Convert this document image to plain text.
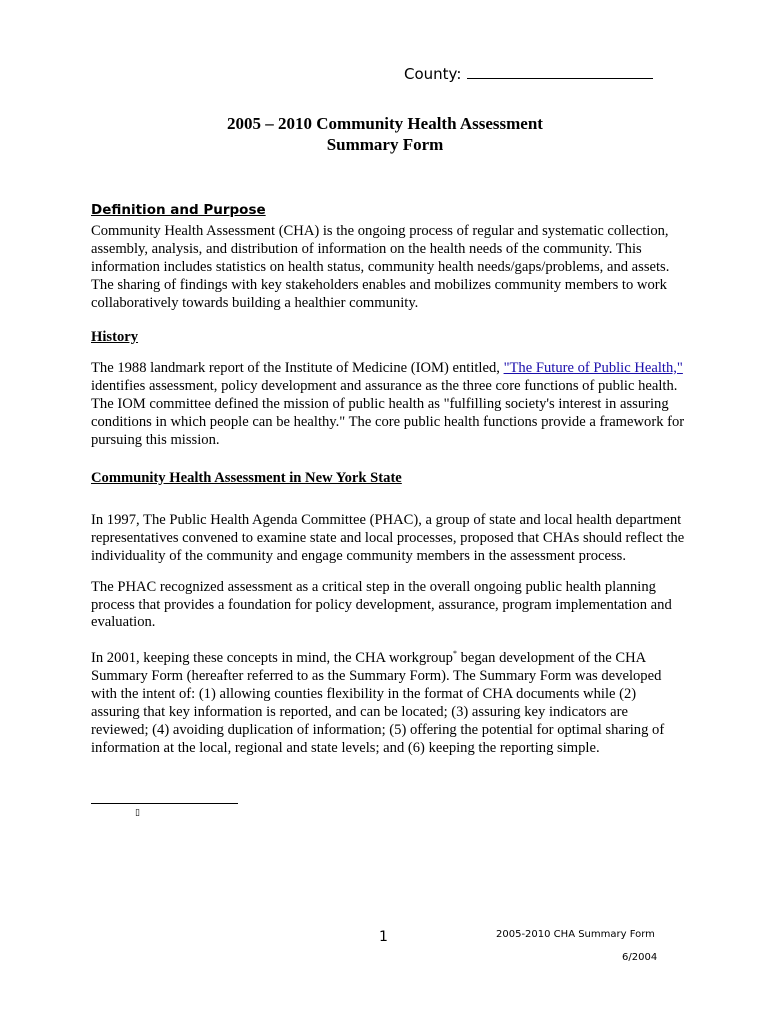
County:
2005 – 2010 Community Health Assessment
Summary Form
Definition and Purpose

Community Health Assessment (CHA) is the ongoing process of regular and systematic collection, assembly, analysis, and distribution of information on the health needs of the community. This information includes statistics on health status, community health needs/gaps/problems, and assets. The sharing of findings with key stakeholders enables and mobilizes community members to work collaboratively towards building a healthier community.

History

The 1988 landmark report of the Institute of Medicine (IOM) entitled, "The Future of Public Health," identifies assessment, policy development and assurance as the three core functions of public health. The IOM committee defined the mission of public health as "fulfilling society's interest in assuring conditions in which people can be healthy." The core public health functions provide a framework for pursuing this mission.

Community Health Assessment in New York State

In 1997, The Public Health Agenda Committee (PHAC), a group of state and local health department representatives convened to examine state and local processes, proposed that CHAs should reflect the individuality of the community and engage community members in the assessment process.

The PHAC recognized assessment as a critical step in the overall ongoing public health planning process that provides a foundation for policy development, assurance, program implementation and evaluation.

In 2001, keeping these concepts in mind, the CHA workgroup* began development of the CHA Summary Form (hereafter referred to as the Summary Form). The Summary Form was developed with the intent of: (1) allowing counties flexibility in the format of CHA documents while (2) assuring that key information is reported, and can be located; (3) assuring key indicators are reviewed; (4) avoiding duplication of information; (5) offering the potential for optimal sharing of information at the local, regional and state levels; and (6) keeping the reporting simple.

▯
1	2005-2010 CHA Summary Form
6/2004
